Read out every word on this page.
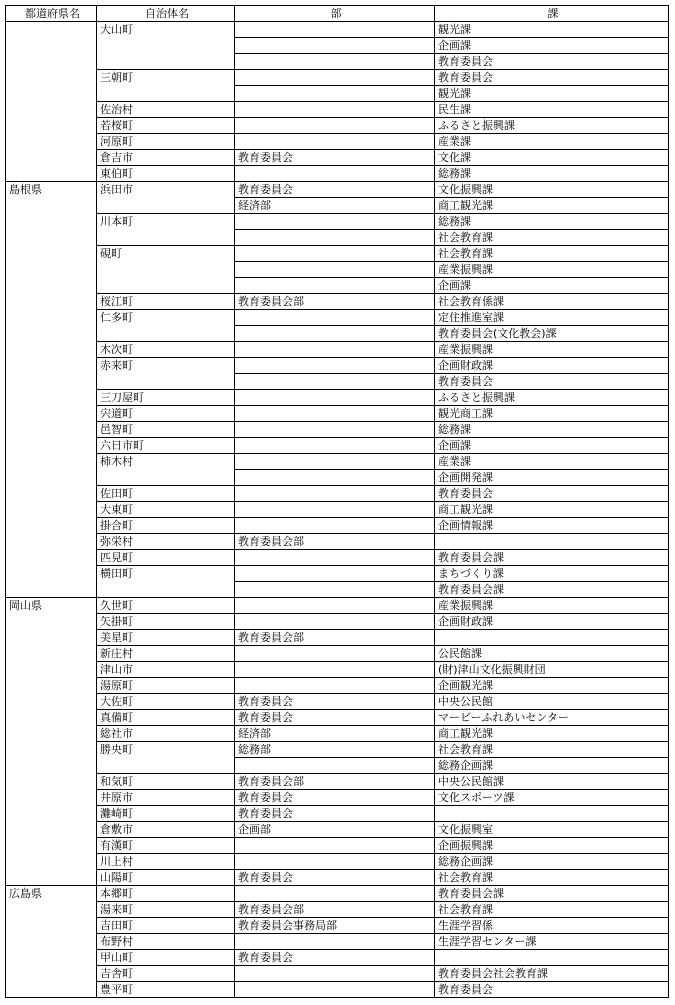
都道府県名	自治体名	部	課
	大山町		観光課
			企画課
			教育委員会
	三朝町		教育委員会
			観光課
	佐治村		民生課
	若桜町		ふるさと振興課
	河原町		産業課
	倉吉市	教育委員会	文化課
	東伯町		総務課
島根県	浜田市	教育委員会	文化振興課
		経済部	商工観光課
	川本町		総務課
			社会教育課
	硯町		社会教育課
			産業振興課
			企画課
	桜江町	教育委員会部	社会教育係課
	仁多町		定住推進室課
			教育委員会(文化教会)課
	木次町		産業振興課
	赤来町		企画財政課
			教育委員会
	三刀屋町		ふるさと振興課
	宍道町		観光商工課
	邑智町		総務課
	六日市町		企画課
	柿木村		産業課
			企画開発課
	佐田町		教育委員会
	大東町		商工観光課
	掛合町		企画情報課
	弥栄村	教育委員会部	
	匹見町		教育委員会課
	横田町		まちづくり課
			教育委員会課
岡山県	久世町		産業振興課
	矢掛町		企画財政課
	美星町	教育委員会部	
	新庄村		公民館課
	津山市		(財)津山文化振興財団
	湯原町		企画観光課
	大佐町	教育委員会	中央公民館
	真備町	教育委員会	マービーふれあいセンター
	総社市	経済部	商工観光課
	勝央町	総務部	社会教育課
			総務企画課
	和気町	教育委員会部	中央公民館課
	井原市	教育委員会	文化スポーツ課
	灘崎町	教育委員会	
	倉敷市	企画部	文化振興室
	有漢町		企画振興課
	川上村		総務企画課
	山陽町	教育委員会	社会教育課
広島県	本郷町		教育委員会課
	湯来町	教育委員会部	社会教育課
	吉田町	教育委員会事務局部	生涯学習係
	布野村		生涯学習センター課
	甲山町	教育委員会	
	吉舎町		教育委員会社会教育課
	豊平町		教育委員会
